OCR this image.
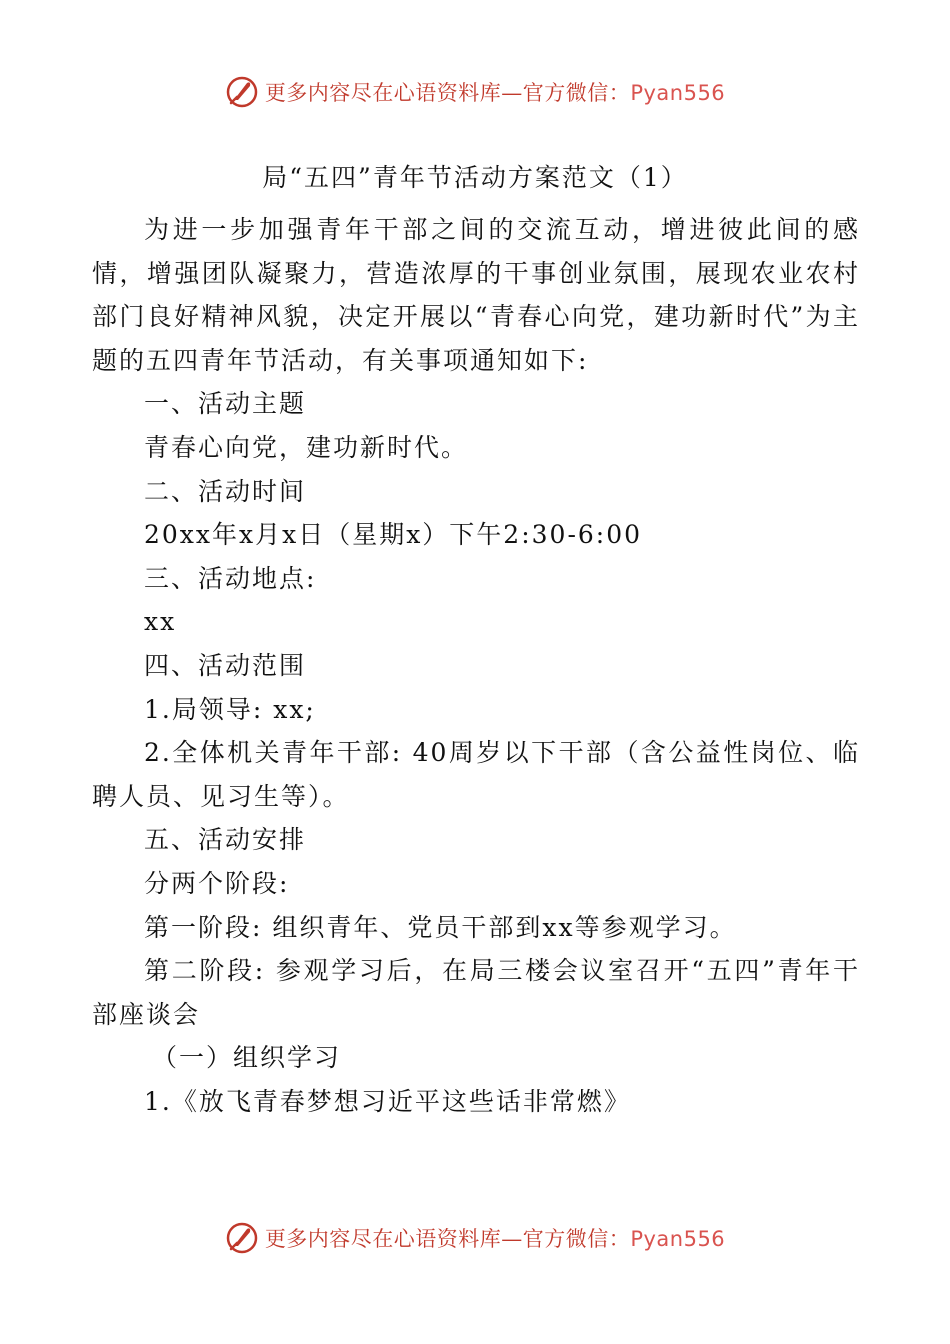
更多内容尽在心语资料库—官方微信：Pyan556
局“五四”青年节活动方案范文（1）

为进一步加强青年干部之间的交流互动，增进彼此间的感情，增强团队凝聚力，营造浓厚的干事创业氛围，展现农业农村部门良好精神风貌，决定开展以“青春心向党，建功新时代”为主题的五四青年节活动，有关事项通知如下:

一、活动主题

青春心向党，建功新时代。

二、活动时间

20xx年x月x日（星期x）下午2:30-6:00

三、活动地点:

xx

四、活动范围

1.局领导: xx;

2.全体机关青年干部: 40周岁以下干部（含公益性岗位、临聘人员、见习生等）。

五、活动安排

分两个阶段:

第一阶段: 组织青年、党员干部到xx等参观学习。

第二阶段: 参观学习后，在局三楼会议室召开“五四”青年干部座谈会

（一）组织学习

1.《放飞青春梦想习近平这些话非常燃》

更多内容尽在心语资料库—官方微信：Pyan556
